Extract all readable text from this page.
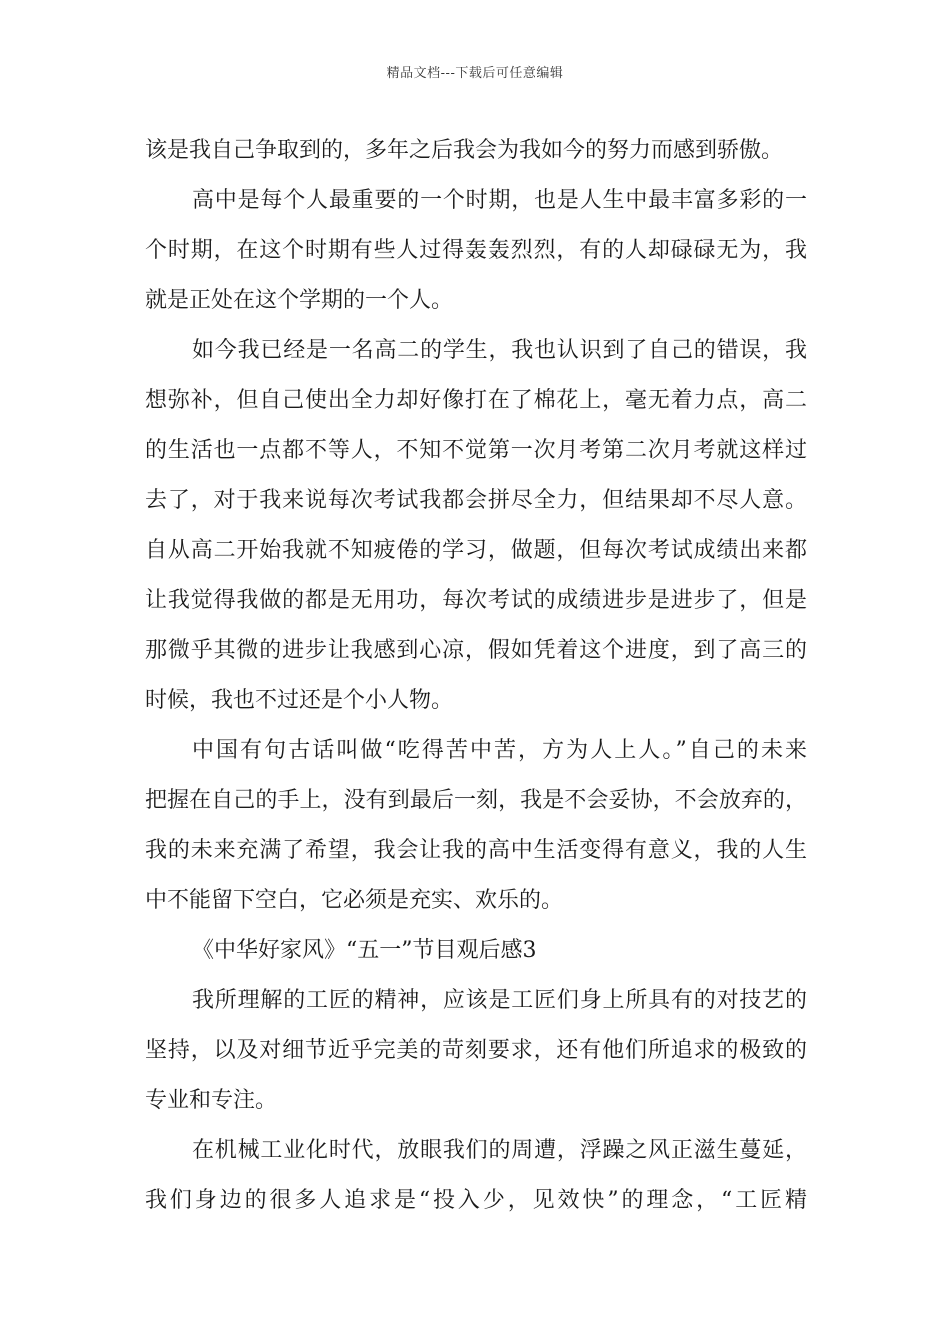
精品文档---下载后可任意编辑
该是我自己争取到的，多年之后我会为我如今的努力而感到骄傲。
高中是每个人最重要的一个时期，也是人生中最丰富多彩的一
个时期，在这个时期有些人过得轰轰烈烈，有的人却碌碌无为，我
就是正处在这个学期的一个人。
如今我已经是一名高二的学生，我也认识到了自己的错误，我
想弥补，但自己使出全力却好像打在了棉花上，毫无着力点，高二
的生活也一点都不等人，不知不觉第一次月考第二次月考就这样过
去了，对于我来说每次考试我都会拼尽全力，但结果却不尽人意。
自从高二开始我就不知疲倦的学习，做题，但每次考试成绩出来都
让我觉得我做的都是无用功，每次考试的成绩进步是进步了，但是
那微乎其微的进步让我感到心凉，假如凭着这个进度，到了高三的
时候，我也不过还是个小人物。
中国有句古话叫做“吃得苦中苦，方为人上人。”自己的未来
把握在自己的手上，没有到最后一刻，我是不会妥协，不会放弃的，
我的未来充满了希望，我会让我的高中生活变得有意义，我的人生
中不能留下空白，它必须是充实、欢乐的。
《中华好家风》“五一”节目观后感3
我所理解的工匠的精神，应该是工匠们身上所具有的对技艺的
坚持，以及对细节近乎完美的苛刻要求，还有他们所追求的极致的
专业和专注。
在机械工业化时代，放眼我们的周遭，浮躁之风正滋生蔓延，
我们身边的很多人追求是“投入少，见效快”的理念，“工匠精
